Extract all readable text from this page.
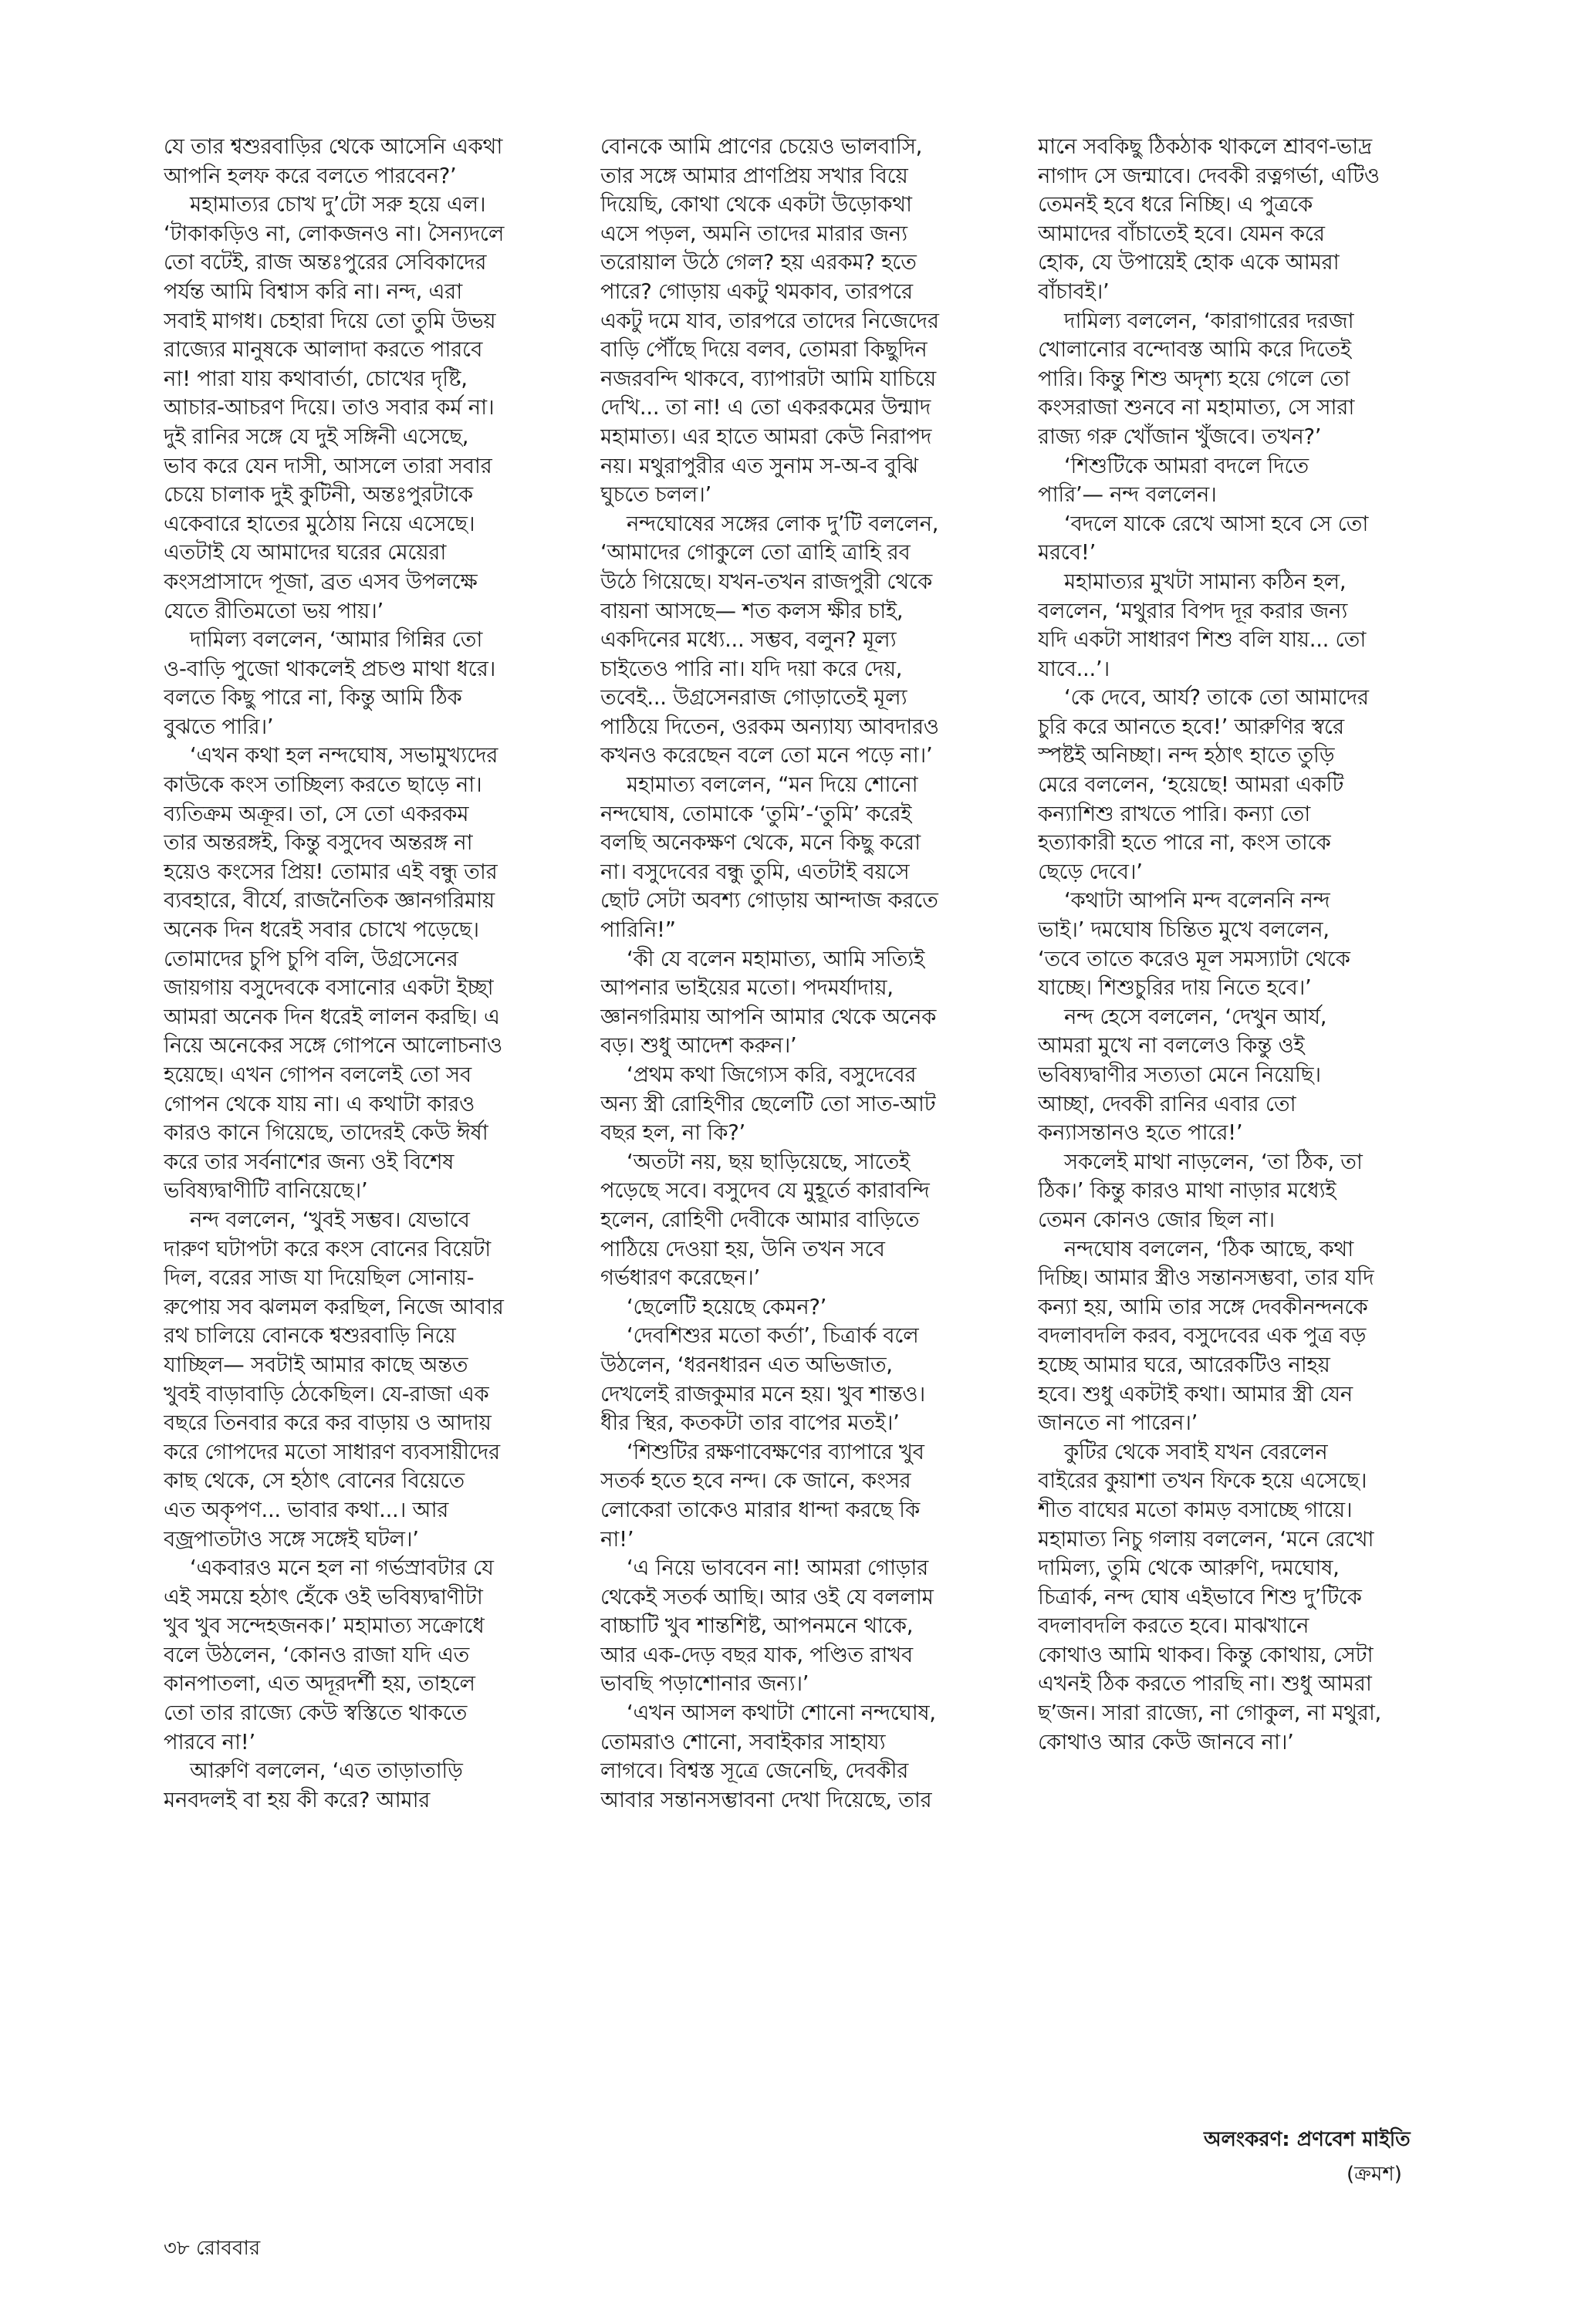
যে তার শ্বশুরবাড়ির থেকে আসেনি একথা
আপনি হলফ করে বলতে পারবেন?’
মহামাত্যর চোখ দু’টো সরু হয়ে এল।
‘টাকাকড়িও না, লোকজনও না। সৈন্যদলে
তো বটেই, রাজ অন্তঃপুরের সেবিকাদের
পর্যন্ত আমি বিশ্বাস করি না। নন্দ, এরা
সবাই মাগধ। চেহারা দিয়ে তো তুমি উভয়
রাজ্যের মানুষকে আলাদা করতে পারবে
না! পারা যায় কথাবার্তা, চোখের দৃষ্টি,
আচার-আচরণ দিয়ে। তাও সবার কর্ম না।
দুই রানির সঙ্গে যে দুই সঙ্গিনী এসেছে,
ভাব করে যেন দাসী, আসলে তারা সবার
চেয়ে চালাক দুই কুটিনী, অন্তঃপুরটাকে
একেবারে হাতের মুঠোয় নিয়ে এসেছে।
এতটাই যে আমাদের ঘরের মেয়েরা
কংসপ্রাসাদে পূজা, ব্রত এসব উপলক্ষে
যেতে রীতিমতো ভয় পায়।’
দামিল্য বললেন, ‘আমার গিন্নির তো
ও-বাড়ি পুজো থাকলেই প্রচণ্ড মাথা ধরে।
বলতে কিছু পারে না, কিন্তু আমি ঠিক
বুঝতে পারি।’
‘এখন কথা হল নন্দঘোষ, সভামুখ্যদের
কাউকে কংস তাচ্ছিল্য করতে ছাড়ে না।
ব্যতিক্রম অক্রূর। তা, সে তো একরকম
তার অন্তরঙ্গই, কিন্তু বসুদেব অন্তরঙ্গ না
হয়েও কংসের প্রিয়! তোমার এই বন্ধু তার
ব্যবহারে, বীর্যে, রাজনৈতিক জ্ঞানগরিমায়
অনেক দিন ধরেই সবার চোখে পড়েছে।
তোমাদের চুপি চুপি বলি, উগ্রসেনের
জায়গায় বসুদেবকে বসানোর একটা ইচ্ছা
আমরা অনেক দিন ধরেই লালন করছি। এ
নিয়ে অনেকের সঙ্গে গোপনে আলোচনাও
হয়েছে। এখন গোপন বললেই তো সব
গোপন থেকে যায় না। এ কথাটা কারও
কারও কানে গিয়েছে, তাদেরই কেউ ঈর্ষা
করে তার সর্বনাশের জন্য ওই বিশেষ
ভবিষ্যদ্বাণীটি বানিয়েছে।’
নন্দ বললেন, ‘খুবই সম্ভব। যেভাবে
দারুণ ঘটাপটা করে কংস বোনের বিয়েটা
দিল, বরের সাজ যা দিয়েছিল সোনায়-
রুপোয় সব ঝলমল করছিল, নিজে আবার
রথ চালিয়ে বোনকে শ্বশুরবাড়ি নিয়ে
যাচ্ছিল— সবটাই আমার কাছে অন্তত
খুবই বাড়াবাড়ি ঠেকেছিল। যে-রাজা এক
বছরে তিনবার করে কর বাড়ায় ও আদায়
করে গোপদের মতো সাধারণ ব্যবসায়ীদের
কাছ থেকে, সে হঠাৎ বোনের বিয়েতে
এত অকৃপণ... ভাবার কথা...। আর
বজ্রপাতটাও সঙ্গে সঙ্গেই ঘটল।’
‘একবারও মনে হল না গর্ভস্রাবটার যে
এই সময়ে হঠাৎ হেঁকে ওই ভবিষ্যদ্বাণীটা
খুব খুব সন্দেহজনক।’ মহামাত্য সক্রোধে
বলে উঠলেন, ‘কোনও রাজা যদি এত
কানপাতলা, এত অদূরদর্শী হয়, তাহলে
তো তার রাজ্যে কেউ স্বস্তিতে থাকতে
পারবে না!’
আরুণি বললেন, ‘এত তাড়াতাড়ি
মনবদলই বা হয় কী করে? আমার
বোনকে আমি প্রাণের চেয়েও ভালবাসি,
তার সঙ্গে আমার প্রাণপ্রিয় সখার বিয়ে
দিয়েছি, কোথা থেকে একটা উড়োকথা
এসে পড়ল, অমনি তাদের মারার জন্য
তরোয়াল উঠে গেল? হয় এরকম? হতে
পারে? গোড়ায় একটু থমকাব, তারপরে
একটু দমে যাব, তারপরে তাদের নিজেদের
বাড়ি পৌঁছে দিয়ে বলব, তোমরা কিছুদিন
নজরবন্দি থাকবে, ব্যাপারটা আমি যাচিয়ে
দেখি... তা না! এ তো একরকমের উন্মাদ
মহামাত্য। এর হাতে আমরা কেউ নিরাপদ
নয়। মথুরাপুরীর এত সুনাম স-অ-ব বুঝি
ঘুচতে চলল।’
নন্দঘোষের সঙ্গের লোক দু’টি বললেন,
‘আমাদের গোকুলে তো ত্রাহি ত্রাহি রব
উঠে গিয়েছে। যখন-তখন রাজপুরী থেকে
বায়না আসছে— শত কলস ক্ষীর চাই,
একদিনের মধ্যে... সম্ভব, বলুন? মূল্য
চাইতেও পারি না। যদি দয়া করে দেয়,
তবেই... উগ্রসেনরাজ গোড়াতেই মূল্য
পাঠিয়ে দিতেন, ওরকম অন্যায্য আবদারও
কখনও করেছেন বলে তো মনে পড়ে না।’
মহামাত্য বললেন, “মন দিয়ে শোনো
নন্দঘোষ, তোমাকে ‘তুমি’-‘তুমি’ করেই
বলছি অনেকক্ষণ থেকে, মনে কিছু করো
না। বসুদেবের বন্ধু তুমি, এতটাই বয়সে
ছোট সেটা অবশ্য গোড়ায় আন্দাজ করতে
পারিনি!”
‘কী যে বলেন মহামাত্য, আমি সত্যিই
আপনার ভাইয়ের মতো। পদমর্যাদায়,
জ্ঞানগরিমায় আপনি আমার থেকে অনেক
বড়। শুধু আদেশ করুন।’
‘প্রথম কথা জিগ্যেস করি, বসুদেবের
অন্য স্ত্রী রোহিণীর ছেলেটি তো সাত-আট
বছর হল, না কি?’
‘অতটা নয়, ছয় ছাড়িয়েছে, সাতেই
পড়েছে সবে। বসুদেব যে মুহূর্তে কারাবন্দি
হলেন, রোহিণী দেবীকে আমার বাড়িতে
পাঠিয়ে দেওয়া হয়, উনি তখন সবে
গর্ভধারণ করেছেন।’
‘ছেলেটি হয়েছে কেমন?’
‘দেবশিশুর মতো কর্তা’, চিত্রার্ক বলে
উঠলেন, ‘ধরনধারন এত অভিজাত,
দেখলেই রাজকুমার মনে হয়। খুব শান্তও।
ধীর স্থির, কতকটা তার বাপের মতই।’
‘শিশুটির রক্ষণাবেক্ষণের ব্যাপারে খুব
সতর্ক হতে হবে নন্দ। কে জানে, কংসর
লোকেরা তাকেও মারার ধান্দা করছে কি
না!’
‘এ নিয়ে ভাববেন না! আমরা গোড়ার
থেকেই সতর্ক আছি। আর ওই যে বললাম
বাচ্চাটি খুব শান্তশিষ্ট, আপনমনে থাকে,
আর এক-দেড় বছর যাক, পণ্ডিত রাখব
ভাবছি পড়াশোনার জন্য।’
‘এখন আসল কথাটা শোনো নন্দঘোষ,
তোমরাও শোনো, সবাইকার সাহায্য
লাগবে। বিশ্বস্ত সূত্রে জেনেছি, দেবকীর
আবার সন্তানসম্ভাবনা দেখা দিয়েছে, তার
মানে সবকিছু ঠিকঠাক থাকলে শ্রাবণ-ভাদ্র
নাগাদ সে জন্মাবে। দেবকী রত্নগর্ভা, এটিও
তেমনই হবে ধরে নিচ্ছি। এ পুত্রকে
আমাদের বাঁচাতেই হবে। যেমন করে
হোক, যে উপায়েই হোক একে আমরা
বাঁচাবই।’
দামিল্য বললেন, ‘কারাগারের দরজা
খোলানোর বন্দোবস্ত আমি করে দিতেই
পারি। কিন্তু শিশু অদৃশ্য হয়ে গেলে তো
কংসরাজা শুনবে না মহামাত্য, সে সারা
রাজ্য গরু খোঁজান খুঁজবে। তখন?’
‘শিশুটিকে আমরা বদলে দিতে
পারি’— নন্দ বললেন।
‘বদলে যাকে রেখে আসা হবে সে তো
মরবে!’
মহামাত্যর মুখটা সামান্য কঠিন হল,
বললেন, ‘মথুরার বিপদ দূর করার জন্য
যদি একটা সাধারণ শিশু বলি যায়... তো
যাবে...’।
‘কে দেবে, আর্য? তাকে তো আমাদের
চুরি করে আনতে হবে!’ আরুণির স্বরে
স্পষ্টই অনিচ্ছা। নন্দ হঠাৎ হাতে তুড়ি
মেরে বললেন, ‘হয়েছে! আমরা একটি
কন্যাশিশু রাখতে পারি। কন্যা তো
হত্যাকারী হতে পারে না, কংস তাকে
ছেড়ে দেবে।’
‘কথাটা আপনি মন্দ বলেননি নন্দ
ভাই।’ দমঘোষ চিন্তিত মুখে বললেন,
‘তবে তাতে করেও মূল সমস্যাটা থেকে
যাচ্ছে। শিশুচুরির দায় নিতে হবে।’
নন্দ হেসে বললেন, ‘দেখুন আর্য,
আমরা মুখে না বললেও কিন্তু ওই
ভবিষ্যদ্বাণীর সত্যতা মেনে নিয়েছি।
আচ্ছা, দেবকী রানির এবার তো
কন্যাসন্তানও হতে পারে!’
সকলেই মাথা নাড়লেন, ‘তা ঠিক, তা
ঠিক।’ কিন্তু কারও মাথা নাড়ার মধ্যেই
তেমন কোনও জোর ছিল না।
নন্দঘোষ বললেন, ‘ঠিক আছে, কথা
দিচ্ছি। আমার স্ত্রীও সন্তানসম্ভবা, তার যদি
কন্যা হয়, আমি তার সঙ্গে দেবকীনন্দনকে
বদলাবদলি করব, বসুদেবের এক পুত্র বড়
হচ্ছে আমার ঘরে, আরেকটিও নাহয়
হবে। শুধু একটাই কথা। আমার স্ত্রী যেন
জানতে না পারেন।’
কুটির থেকে সবাই যখন বেরলেন
বাইরের কুয়াশা তখন ফিকে হয়ে এসেছে।
শীত বাঘের মতো কামড় বসাচ্ছে গায়ে।
মহামাত্য নিচু গলায় বললেন, ‘মনে রেখো
দামিল্য, তুমি থেকে আরুণি, দমঘোষ,
চিত্রার্ক, নন্দ ঘোষ এইভাবে শিশু দু’টিকে
বদলাবদলি করতে হবে। মাঝখানে
কোথাও আমি থাকব। কিন্তু কোথায়, সেটা
এখনই ঠিক করতে পারছি না। শুধু আমরা
ছ’জন। সারা রাজ্যে, না গোকুল, না মথুরা,
কোথাও আর কেউ জানবে না।’
অলংকরণ: প্রণবেশ মাইতি
(ক্রমশ)
৩৮ রোববার
